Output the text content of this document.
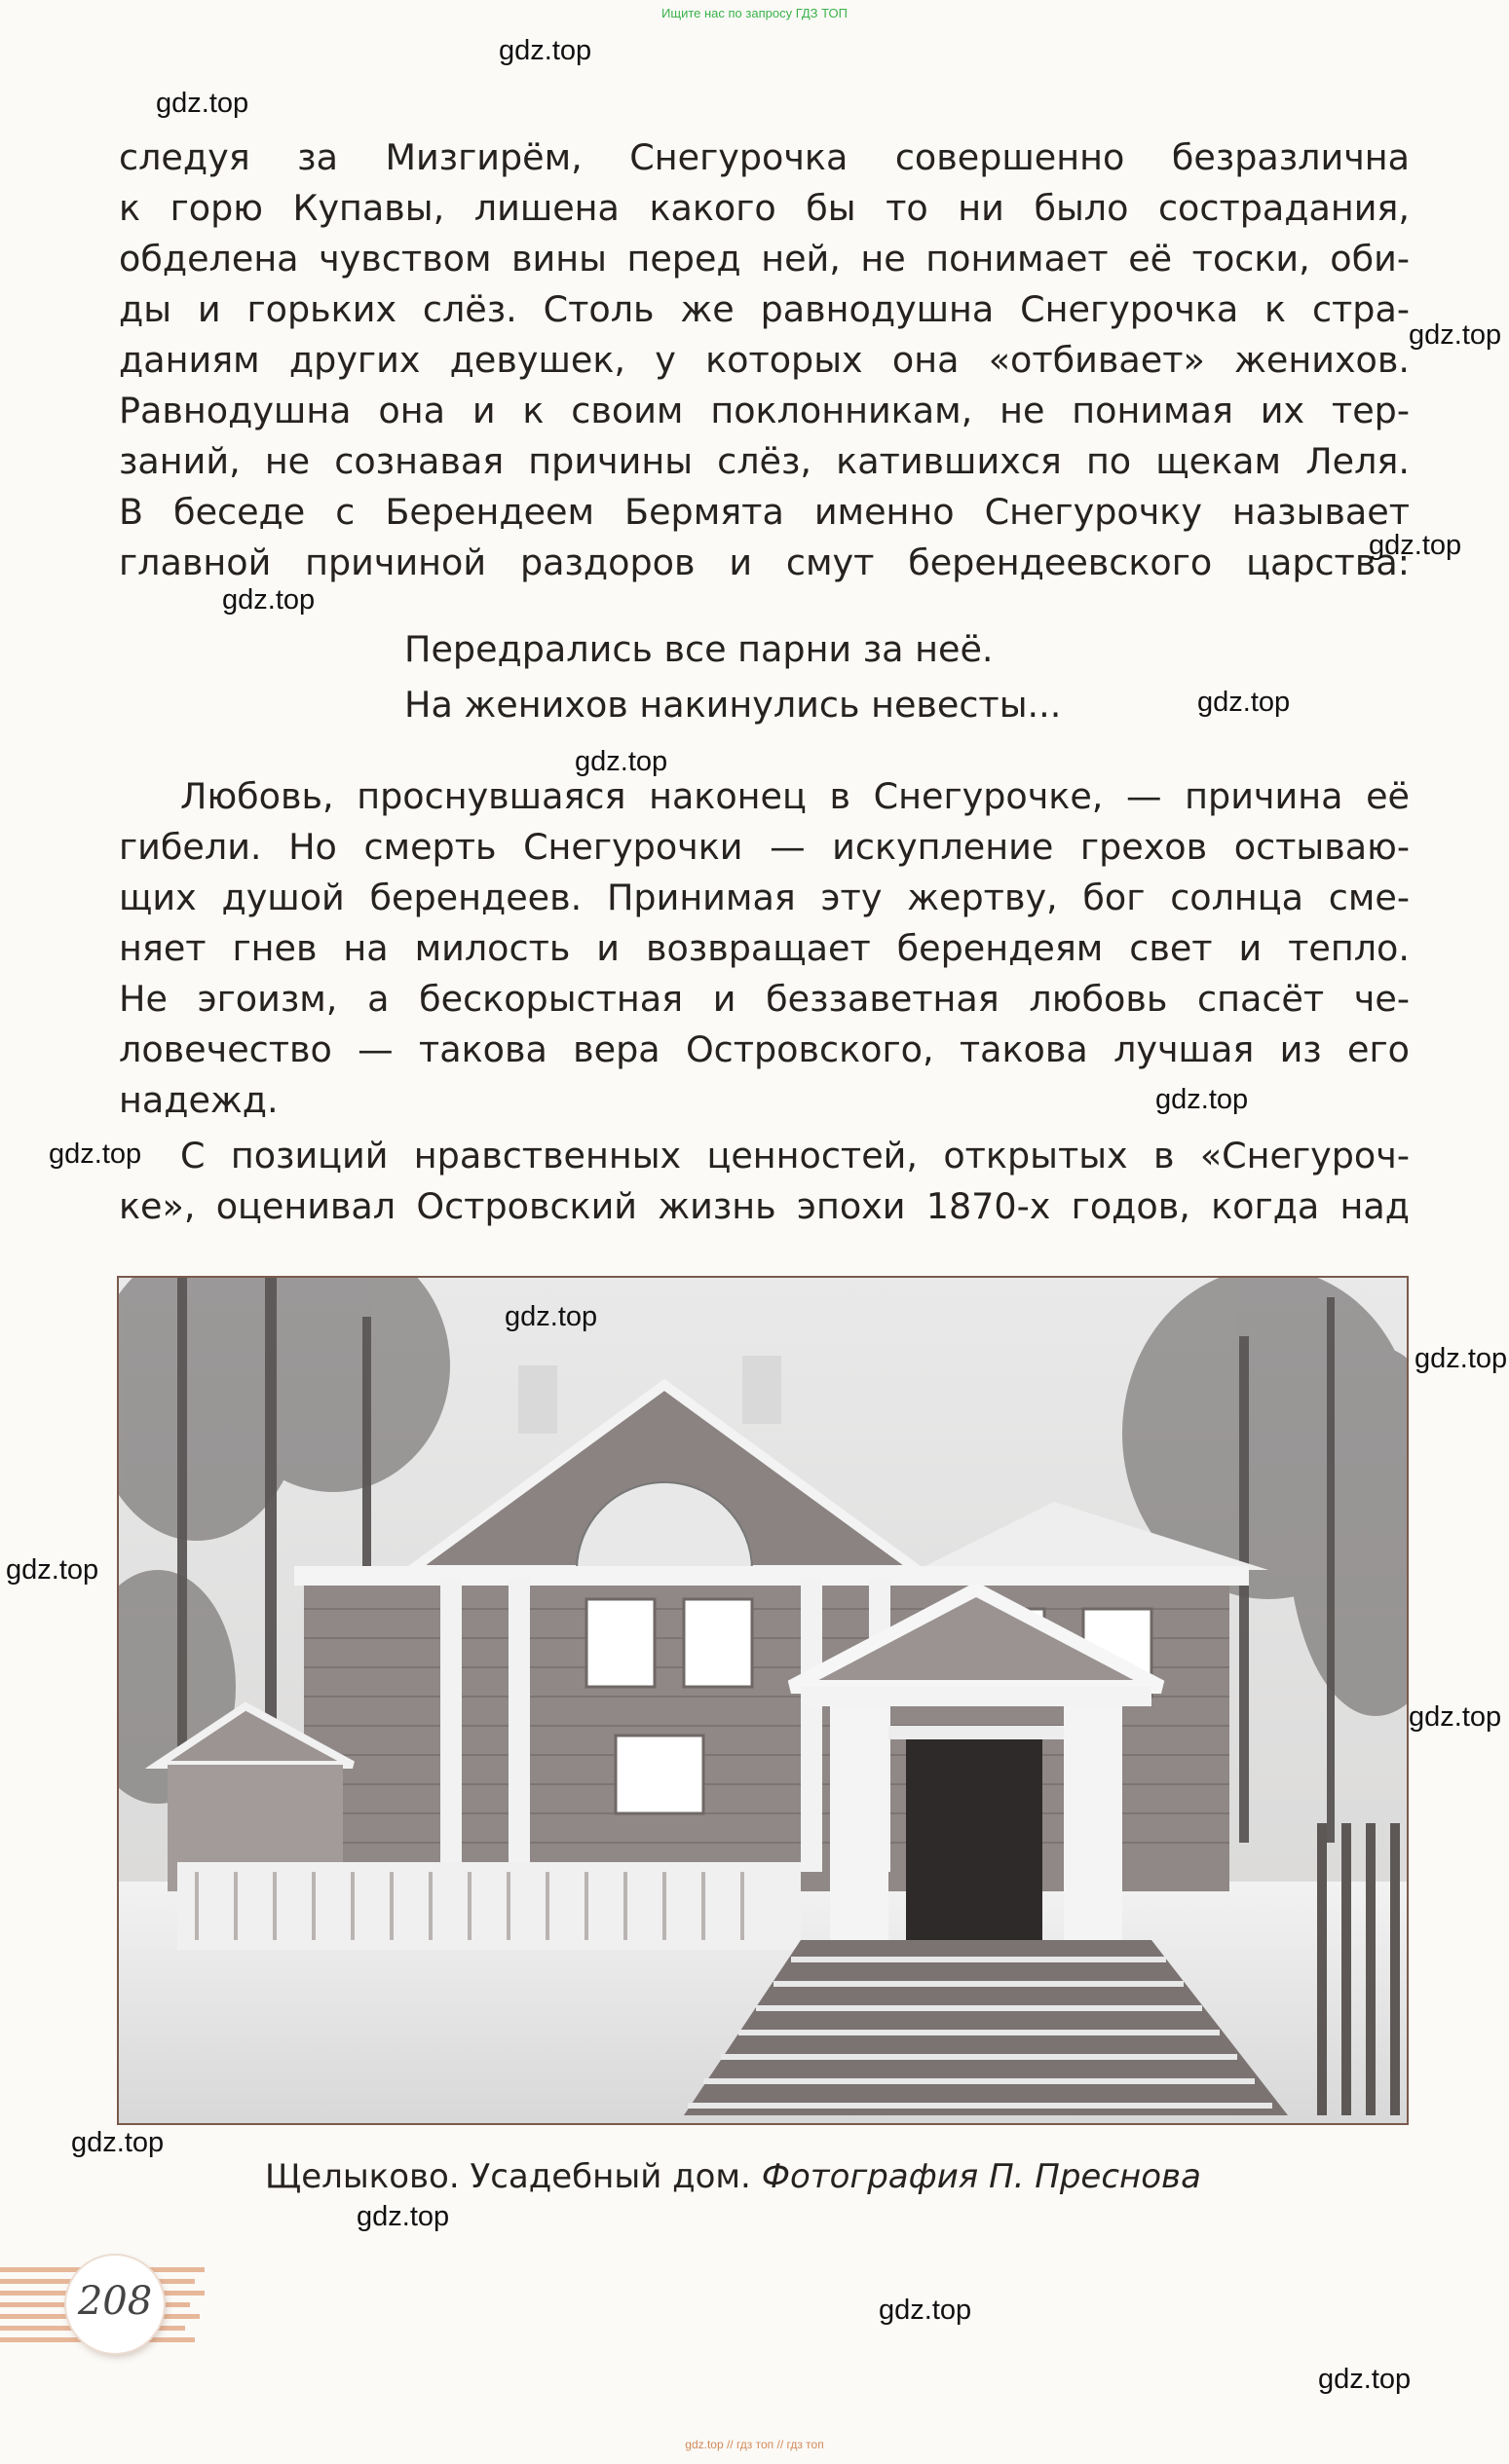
Ищите нас по запросу ГДЗ ТОП
следуя за Мизгирём, Снегурочка совершенно безразлична
к горю Купавы, лишена какого бы то ни было сострадания,
обделена чувством вины перед ней, не понимает её тоски, оби-
ды и горьких слёз. Столь же равнодушна Снегурочка к стра-
даниям других девушек, у которых она «отбивает» женихов.
Равнодушна она и к своим поклонникам, не понимая их тер-
заний, не сознавая причины слёз, катившихся по щекам Леля.
В беседе с Берендеем Бермята именно Снегурочку называет
главной причиной раздоров и смут берендеевского царства:
Передрались все парни за неё.
На женихов накинулись невесты...
Любовь, проснувшаяся наконец в Снегурочке, — причина её
гибели. Но смерть Снегурочки — искупление грехов остываю-
щих душой берендеев. Принимая эту жертву, бог солнца сме-
няет гнев на милость и возвращает берендеям свет и тепло.
Не эгоизм, а бескорыстная и беззаветная любовь спасёт че-
ловечество — такова вера Островского, такова лучшая из его
надежд.
С позиций нравственных ценностей, открытых в «Снегуроч-
ке», оценивал Островский жизнь эпохи 1870-х годов, когда над
Щелыково. Усадебный дом. Фотография П. Преснова
208
gdz.top
gdz.top
gdz.top
gdz.top
gdz.top
gdz.top
gdz.top
gdz.top
gdz.top
gdz.top
gdz.top
gdz.top
gdz.top
gdz.top
gdz.top
gdz.top
gdz.top
gdz.top // гдз топ // гдз топ
